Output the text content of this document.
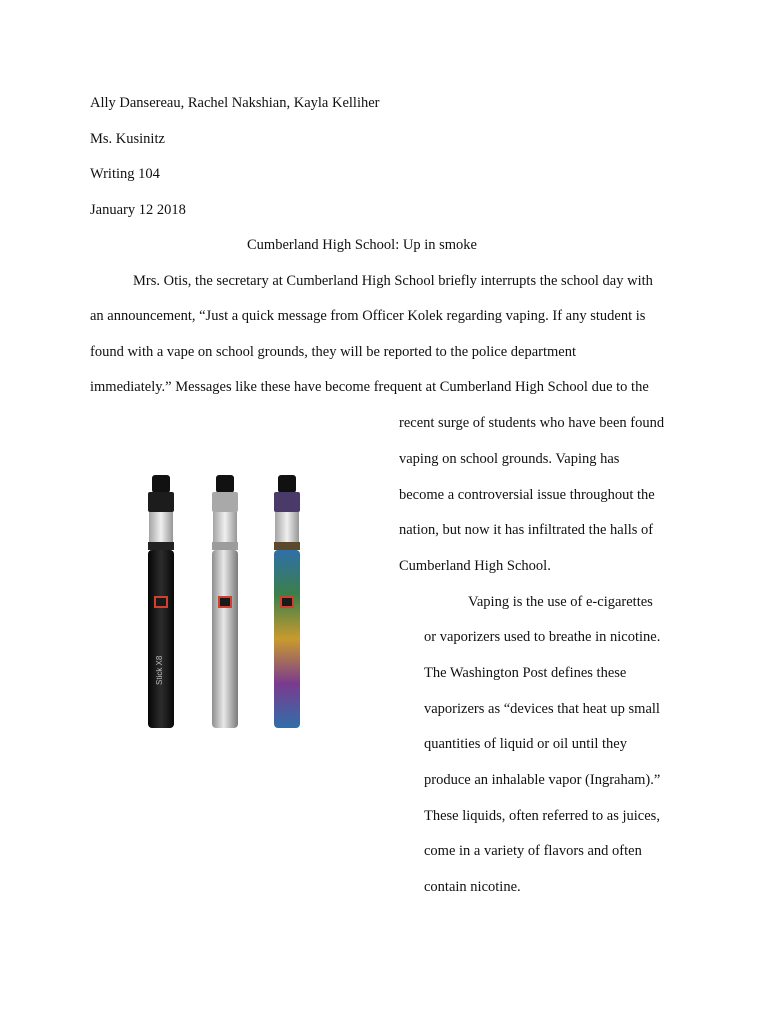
Ally Dansereau, Rachel Nakshian, Kayla Kelliher
Ms. Kusinitz
Writing 104
January 12 2018
Cumberland High School: Up in smoke
Mrs. Otis, the secretary at Cumberland High School briefly interrupts the school day with
an announcement, “Just a quick message from Officer Kolek regarding vaping. If any student is
found with a vape on school grounds, they will be reported to the police department
immediately.” Messages like these have become frequent at Cumberland High School due to the
recent surge of students who have been found
vaping on school grounds. Vaping has
become a controversial issue throughout the
nation, but now it has infiltrated the halls of
Cumberland High School.
Vaping is the use of e-cigarettes
or vaporizers used to breathe in nicotine.
The Washington Post defines these
vaporizers as “devices that heat up small
quantities of liquid or oil until they
produce an inhalable vapor (Ingraham).”
These liquids, often referred to as juices,
come in a variety of flavors and often
contain nicotine.
Stick X8
